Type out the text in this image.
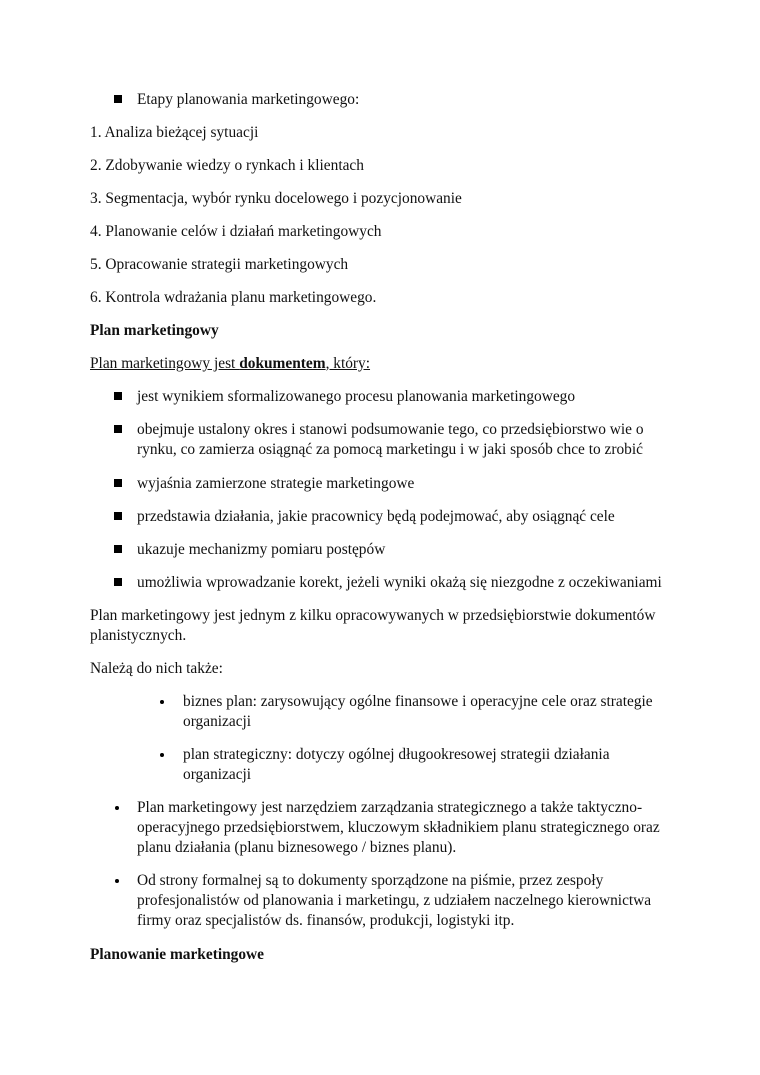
Etapy planowania marketingowego:
1. Analiza bieżącej sytuacji
2. Zdobywanie wiedzy o rynkach i klientach
3. Segmentacja, wybór rynku docelowego i pozycjonowanie
4. Planowanie celów i działań marketingowych
5. Opracowanie strategii marketingowych
6. Kontrola wdrażania planu marketingowego.
Plan marketingowy
Plan marketingowy jest dokumentem, który:
jest wynikiem sformalizowanego procesu planowania marketingowego
obejmuje ustalony okres i stanowi podsumowanie tego, co przedsiębiorstwo wie o rynku, co zamierza osiągnąć za pomocą marketingu i w jaki sposób chce to zrobić
wyjaśnia zamierzone strategie marketingowe
przedstawia działania, jakie pracownicy będą podejmować, aby osiągnąć cele
ukazuje mechanizmy pomiaru postępów
umożliwia wprowadzanie korekt, jeżeli wyniki okażą się niezgodne z oczekiwaniami
Plan marketingowy jest jednym z kilku opracowywanych w przedsiębiorstwie dokumentów planistycznych.
Należą do nich także:
biznes plan: zarysowujący ogólne finansowe i operacyjne cele oraz strategie organizacji
plan strategiczny: dotyczy ogólnej długookresowej strategii działania organizacji
Plan marketingowy jest narzędziem zarządzania strategicznego a także taktyczno-operacyjnego przedsiębiorstwem, kluczowym składnikiem planu strategicznego oraz planu działania (planu biznesowego / biznes planu).
Od strony formalnej są to dokumenty sporządzone na piśmie, przez zespoły profesjonalistów od planowania i marketingu, z udziałem naczelnego kierownictwa firmy oraz specjalistów ds. finansów, produkcji, logistyki itp.
Planowanie marketingowe
